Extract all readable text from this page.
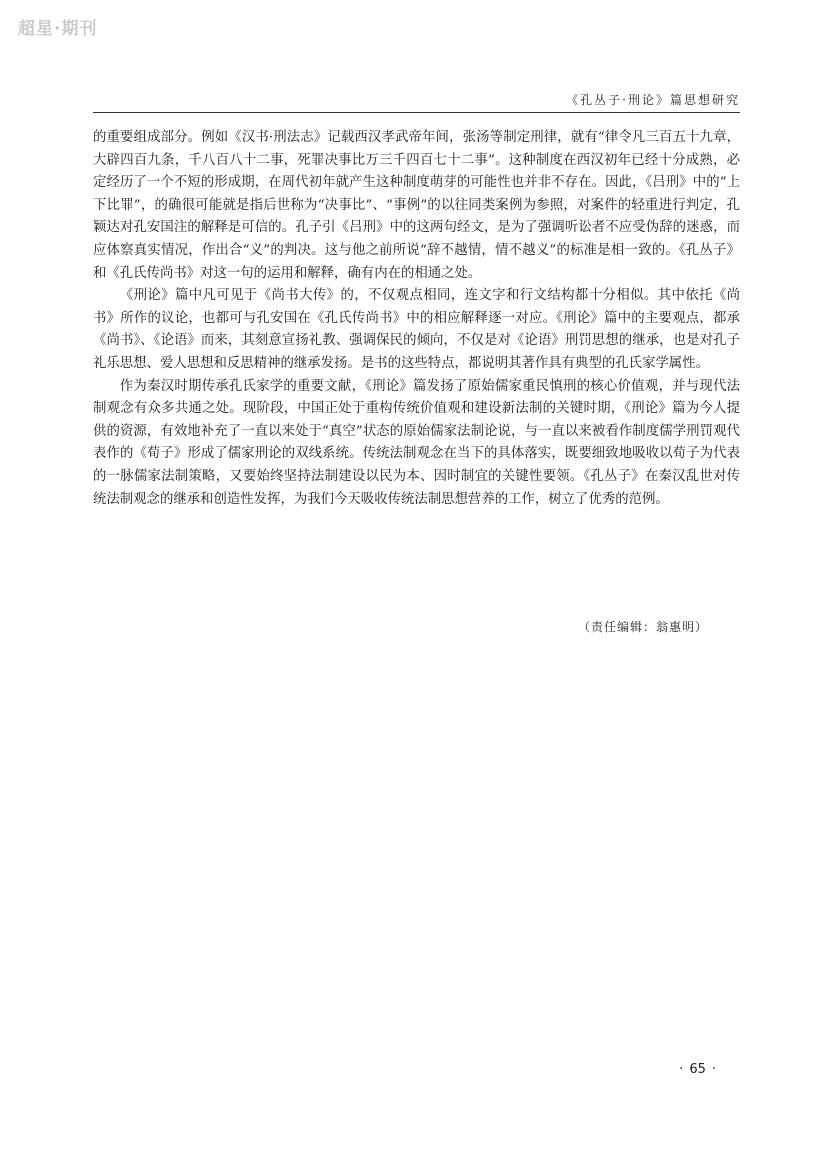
超星·期刊
《孔丛子·刑论》篇思想研究

的重要组成部分。例如《汉书·刑法志》记载西汉孝武帝年间，张汤等制定刑律，就有“律令凡三百五十九章，大辟四百九条，千八百八十二事，死罪决事比万三千四百七十二事”。这种制度在西汉初年已经十分成熟，必定经历了一个不短的形成期，在周代初年就产生这种制度萌芽的可能性也并非不存在。因此，《吕刑》中的“上下比罪”，的确很可能就是指后世称为“决事比”、“事例”的以往同类案例为参照，对案件的轻重进行判定，孔颖达对孔安国注的解释是可信的。孔子引《吕刑》中的这两句经文，是为了强调听讼者不应受伪辞的迷惑，而应体察真实情况，作出合“义”的判决。这与他之前所说“辞不越情，情不越义”的标准是相一致的。《孔丛子》和《孔氏传尚书》对这一句的运用和解释，确有内在的相通之处。

《刑论》篇中凡可见于《尚书大传》的，不仅观点相同，连文字和行文结构都十分相似。其中依托《尚书》所作的议论，也都可与孔安国在《孔氏传尚书》中的相应解释逐一对应。《刑论》篇中的主要观点，都承《尚书》、《论语》而来，其刻意宣扬礼教、强调保民的倾向，不仅是对《论语》刑罚思想的继承，也是对孔子礼乐思想、爱人思想和反思精神的继承发扬。是书的这些特点，都说明其著作具有典型的孔氏家学属性。

作为秦汉时期传承孔氏家学的重要文献，《刑论》篇发扬了原始儒家重民慎刑的核心价值观，并与现代法制观念有众多共通之处。现阶段，中国正处于重构传统价值观和建设新法制的关键时期，《刑论》篇为今人提供的资源，有效地补充了一直以来处于“真空”状态的原始儒家法制论说，与一直以来被看作制度儒学刑罚观代表作的《荀子》形成了儒家刑论的双线系统。传统法制观念在当下的具体落实，既要细致地吸收以荀子为代表的一脉儒家法制策略，又要始终坚持法制建设以民为本、因时制宜的关键性要领。《孔丛子》在秦汉乱世对传统法制观念的继承和创造性发挥，为我们今天吸收传统法制思想营养的工作，树立了优秀的范例。

（责任编辑：翁惠明）
· 65 ·
